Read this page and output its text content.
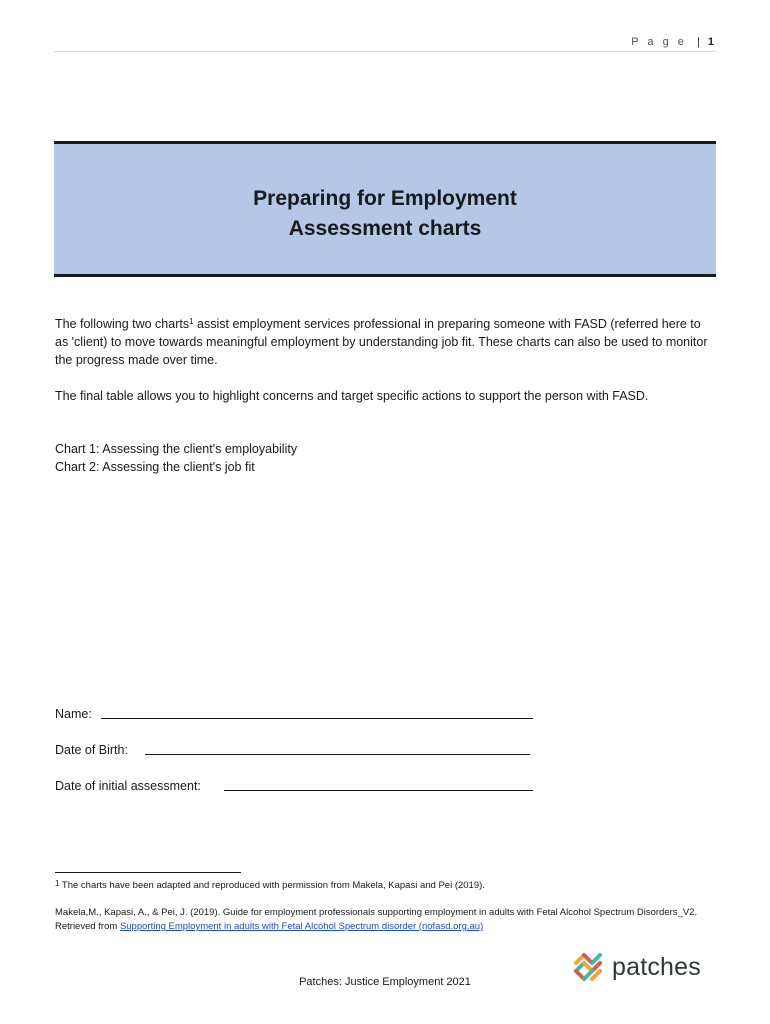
P a g e | 1
Preparing for Employment
Assessment charts
The following two charts$^1$ assist employment services professional in preparing someone with FASD (referred here to as 'client) to move towards meaningful employment by understanding job fit. These charts can also be used to monitor the progress made over time.
The final table allows you to highlight concerns and target specific actions to support the person with FASD.
Chart 1: Assessing the client's employability
Chart 2: Assessing the client's job fit
Name:
Date of Birth:
Date of initial assessment:
$^1$ The charts have been adapted and reproduced with permission from Makela, Kapasi and Pei (2019).
Makela,M., Kapasi, A., & Pei, J. (2019). Guide for employment professionals supporting employment in adults with Fetal Alcohol Spectrum Disorders_V2. Retrieved from Supporting Employment in adults with Fetal Alcohol Spectrum disorder (nofasd.org.au)
Patches: Justice Employment 2021
patches
